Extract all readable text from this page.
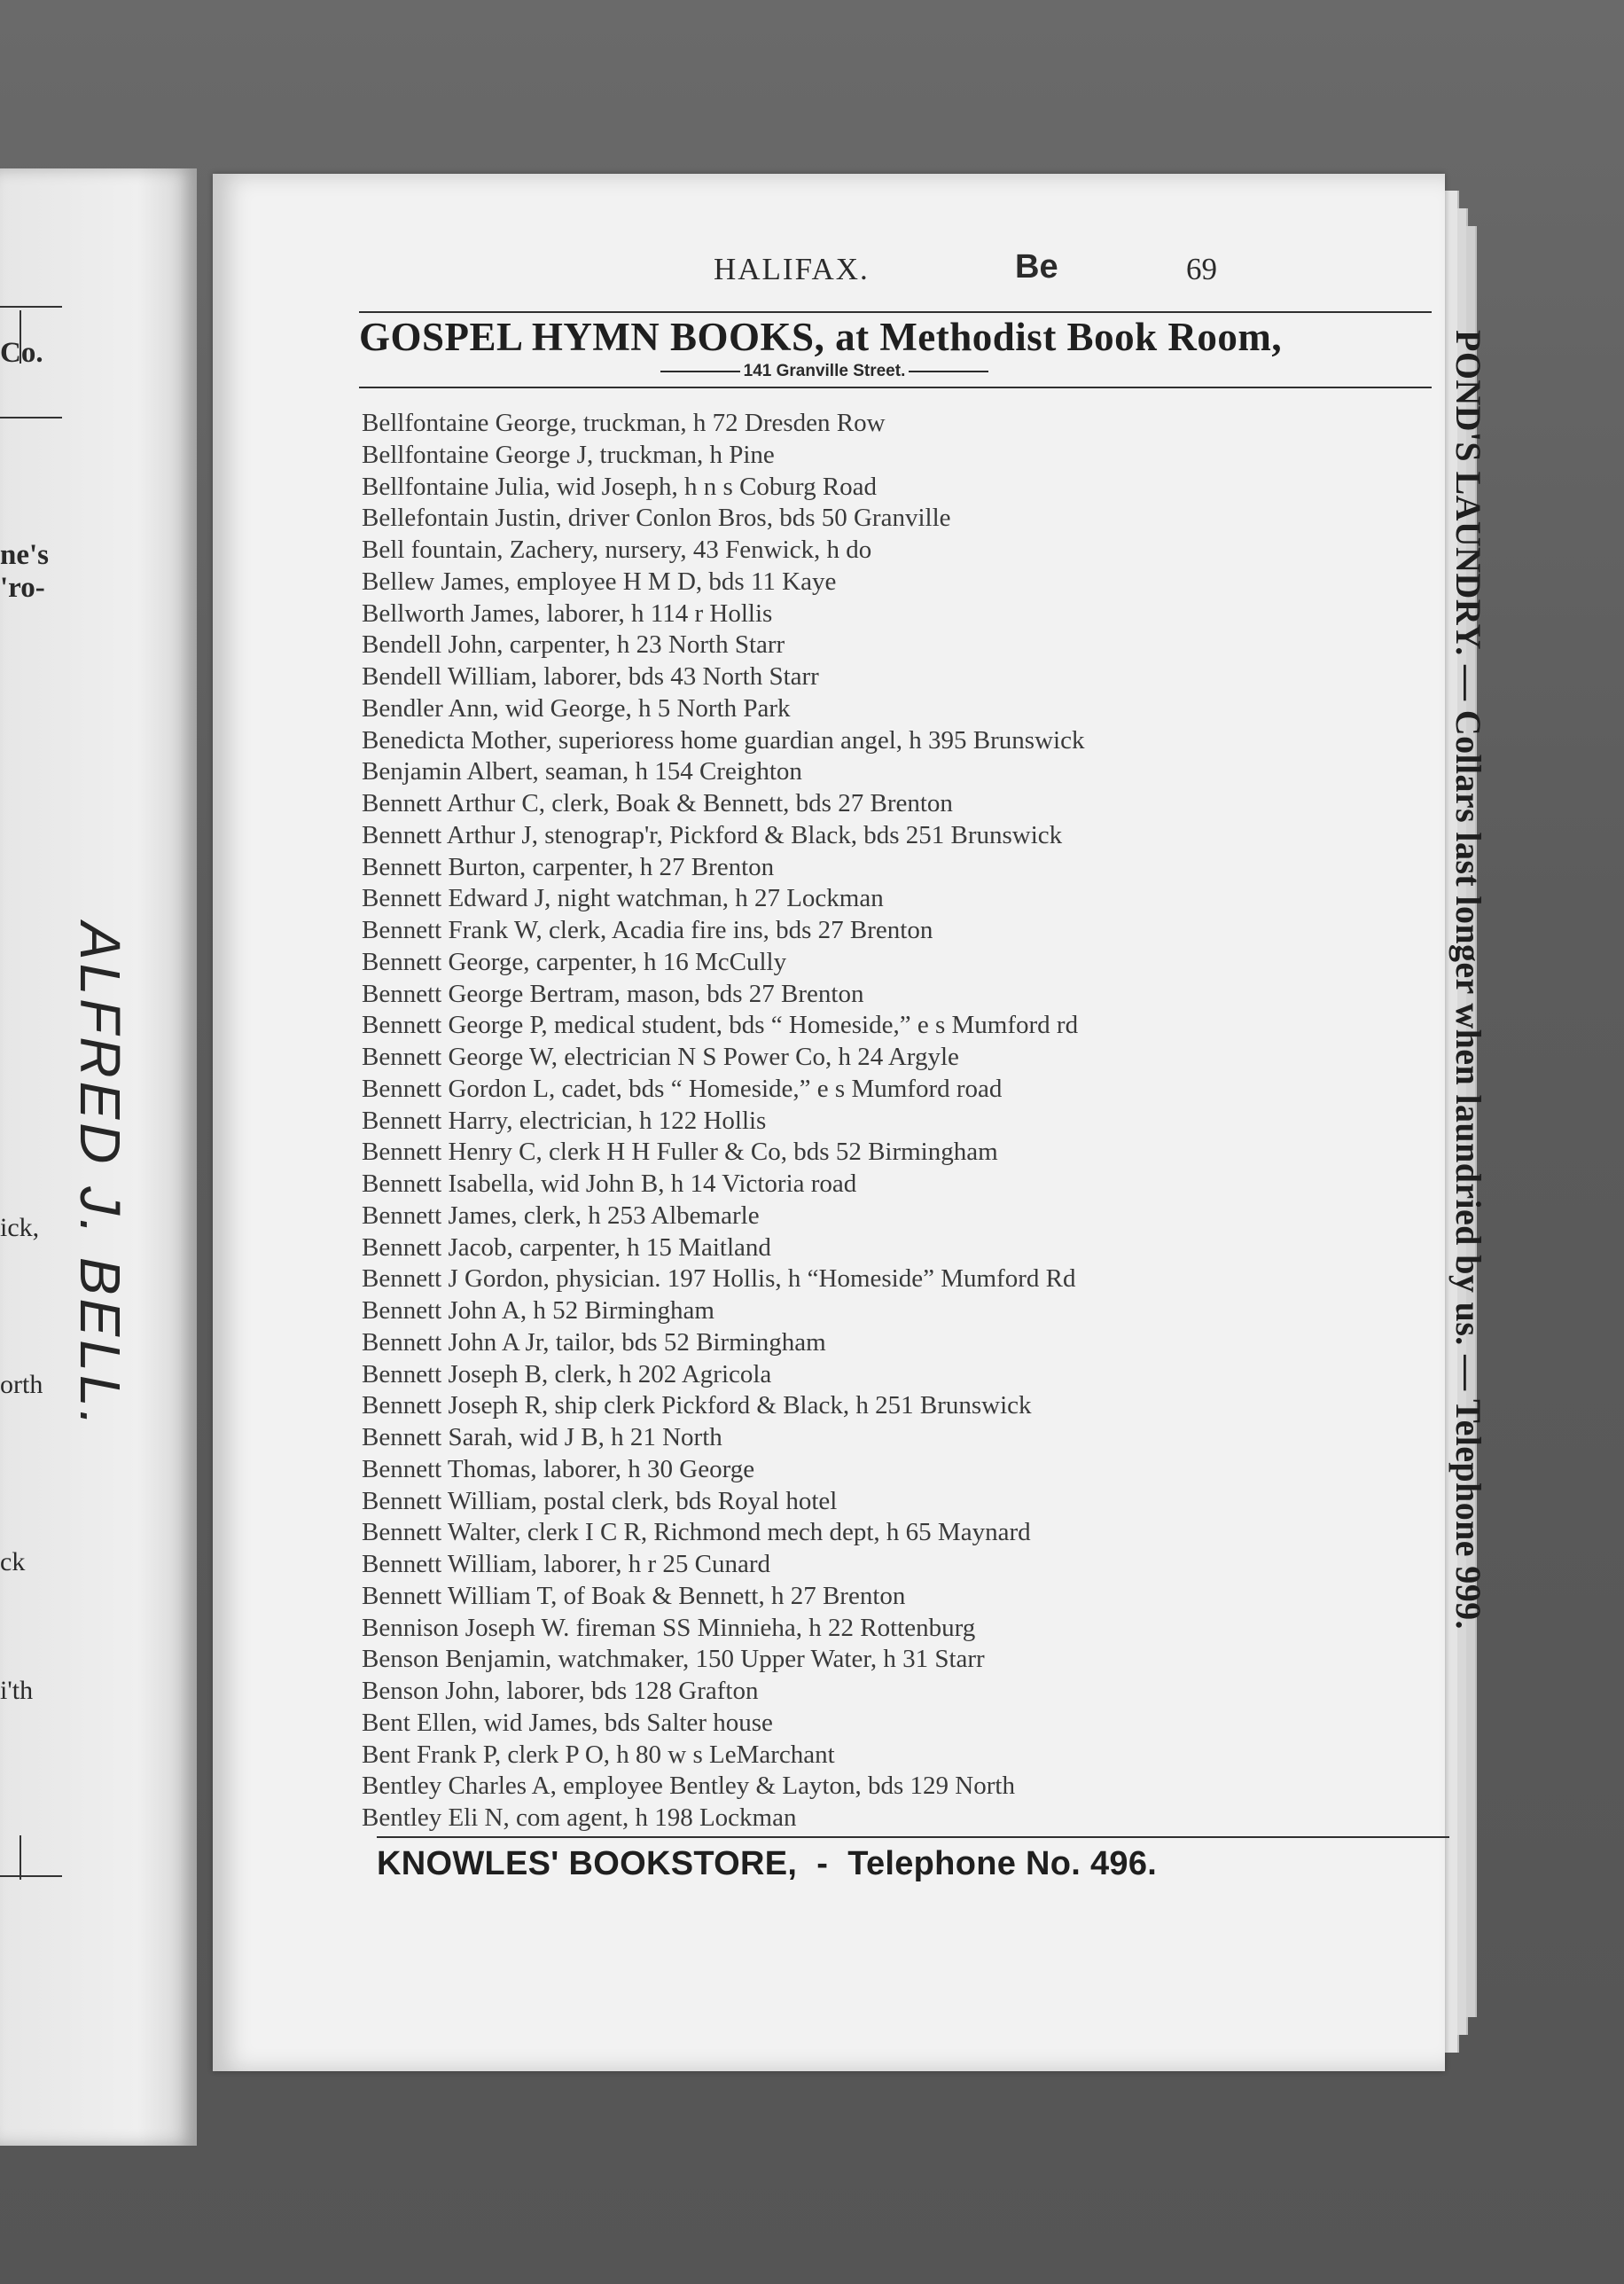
Co.
ne's
'ro-
ALFRED J. BELL.
ick,
orth
ck
i'th
HALIFAX.	Be	69
GOSPEL HYMN BOOKS, at Methodist Book Room,
141 Granville Street.
Bellfontaine George, truckman, h 72 Dresden Row
Bellfontaine George J, truckman, h Pine
Bellfontaine Julia, wid Joseph, h n s Coburg Road
Bellefontain Justin, driver Conlon Bros, bds 50 Granville
Bell fountain, Zachery, nursery, 43 Fenwick, h do
Bellew James, employee H M D, bds 11 Kaye
Bellworth James, laborer, h 114 r Hollis
Bendell John, carpenter, h 23 North Starr
Bendell William, laborer, bds 43 North Starr
Bendler Ann, wid George, h 5 North Park
Benedicta Mother, superioress home guardian angel, h 395 Brunswick
Benjamin Albert, seaman, h 154 Creighton
Bennett Arthur C, clerk, Boak & Bennett, bds 27 Brenton
Bennett Arthur J, stenograp'r, Pickford & Black, bds 251 Brunswick
Bennett Burton, carpenter, h 27 Brenton
Bennett Edward J, night watchman, h 27 Lockman
Bennett Frank W, clerk, Acadia fire ins, bds 27 Brenton
Bennett George, carpenter, h 16 McCully
Bennett George Bertram, mason, bds 27 Brenton
Bennett George P, medical student, bds “ Homeside,” e s Mumford rd
Bennett George W, electrician N S Power Co, h 24 Argyle
Bennett Gordon L, cadet, bds “ Homeside,” e s Mumford road
Bennett Harry, electrician, h 122 Hollis
Bennett Henry C, clerk H H Fuller & Co, bds 52 Birmingham
Bennett Isabella, wid John B, h 14 Victoria road
Bennett James, clerk, h 253 Albemarle
Bennett Jacob, carpenter, h 15 Maitland
Bennett J Gordon, physician. 197 Hollis, h “Homeside” Mumford Rd
Bennett John A, h 52 Birmingham
Bennett John A Jr, tailor, bds 52 Birmingham
Bennett Joseph B, clerk, h 202 Agricola
Bennett Joseph R, ship clerk Pickford & Black, h 251 Brunswick
Bennett Sarah, wid J B, h 21 North
Bennett Thomas, laborer, h 30 George
Bennett William, postal clerk, bds Royal hotel
Bennett Walter, clerk I C R, Richmond mech dept, h 65 Maynard
Bennett William, laborer, h r 25 Cunard
Bennett William T, of Boak & Bennett, h 27 Brenton
Bennison Joseph W. fireman SS Minnieha, h 22 Rottenburg
Benson Benjamin, watchmaker, 150 Upper Water, h 31 Starr
Benson John, laborer, bds 128 Grafton
Bent Ellen, wid James, bds Salter house
Bent Frank P, clerk P O, h 80 w s LeMarchant
Bentley Charles A, employee Bentley & Layton, bds 129 North
Bentley Eli N, com agent, h 198 Lockman
POND'S LAUNDRY. — Collars last longer when laundried by us. — Telephone 999.
KNOWLES' BOOKSTORE, - Telephone No. 496.
